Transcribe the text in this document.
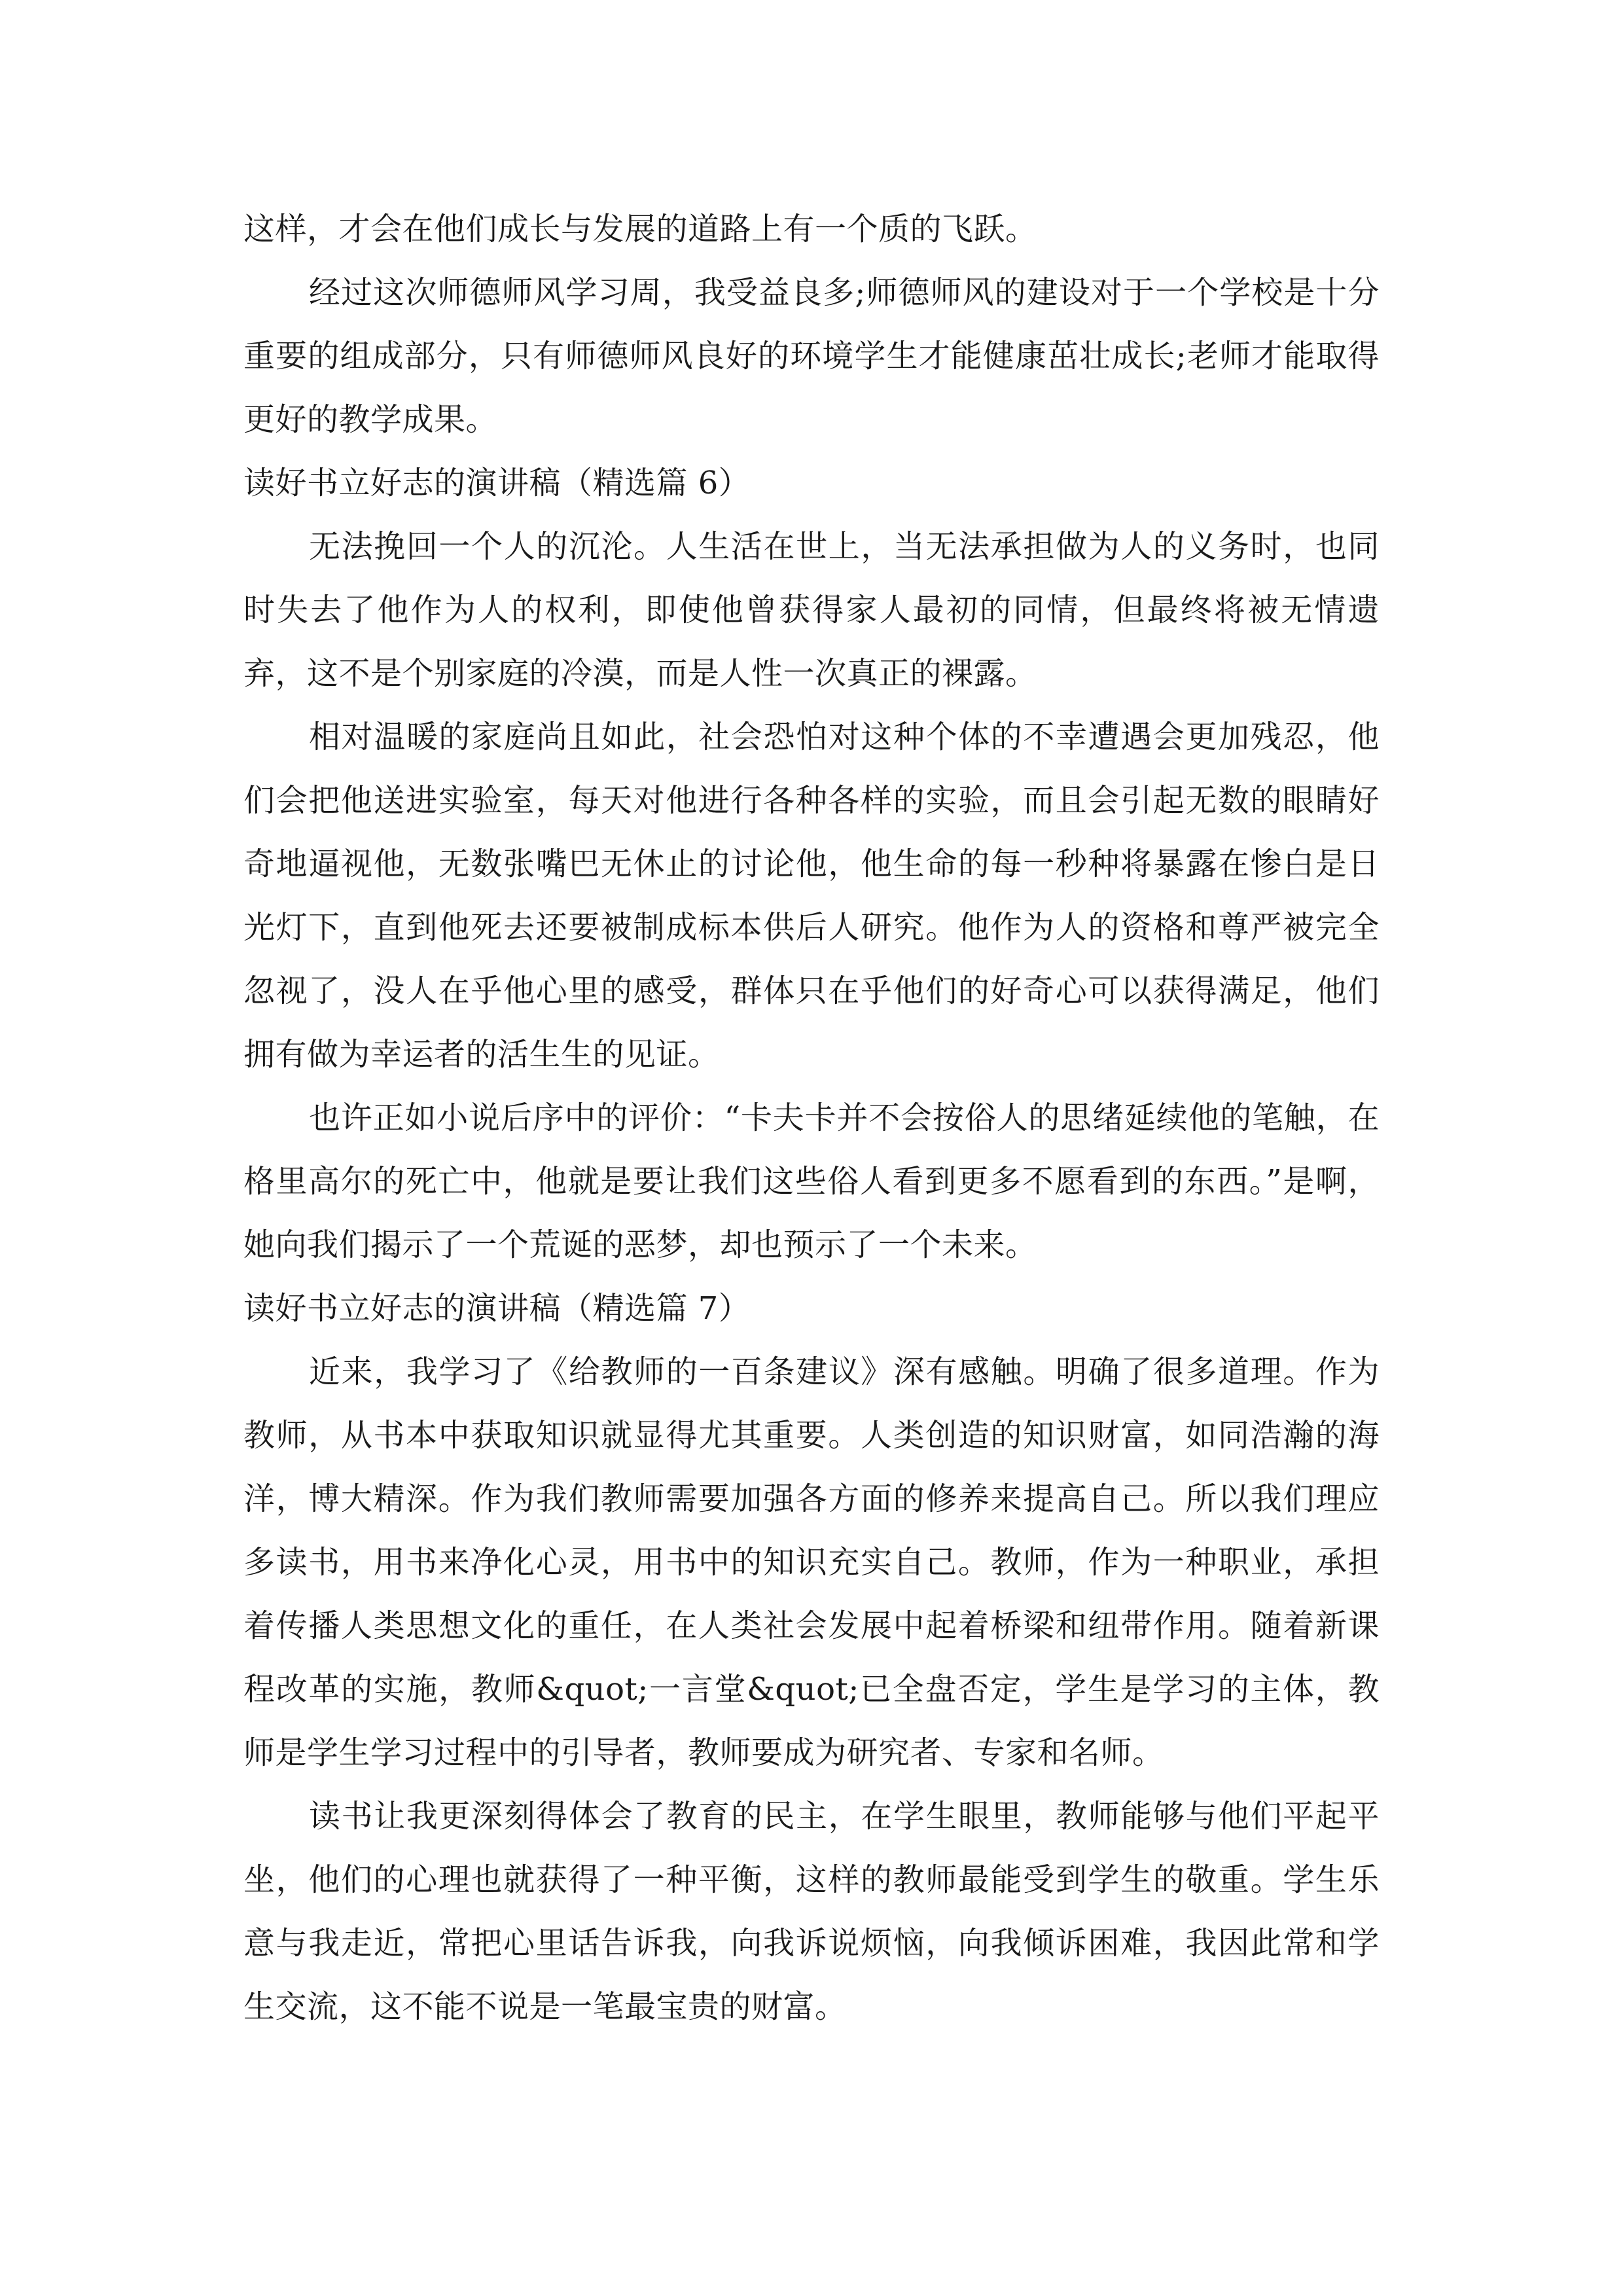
这样，才会在他们成长与发展的道路上有一个质的飞跃。

经过这次师德师风学习周，我受益良多;师德师风的建设对于一个学校是十分重要的组成部分，只有师德师风良好的环境学生才能健康茁壮成长;老师才能取得更好的教学成果。

读好书立好志的演讲稿（精选篇 6）

无法挽回一个人的沉沦。人生活在世上，当无法承担做为人的义务时，也同时失去了他作为人的权利，即使他曾获得家人最初的同情，但最终将被无情遗弃，这不是个别家庭的冷漠，而是人性一次真正的裸露。

相对温暖的家庭尚且如此，社会恐怕对这种个体的不幸遭遇会更加残忍，他们会把他送进实验室，每天对他进行各种各样的实验，而且会引起无数的眼睛好奇地逼视他，无数张嘴巴无休止的讨论他，他生命的每一秒种将暴露在惨白是日光灯下，直到他死去还要被制成标本供后人研究。他作为人的资格和尊严被完全忽视了，没人在乎他心里的感受，群体只在乎他们的好奇心可以获得满足，他们拥有做为幸运者的活生生的见证。

也许正如小说后序中的评价：“卡夫卡并不会按俗人的思绪延续他的笔触，在格里高尔的死亡中，他就是要让我们这些俗人看到更多不愿看到的东西。”是啊，她向我们揭示了一个荒诞的恶梦，却也预示了一个未来。

读好书立好志的演讲稿（精选篇 7）

近来，我学习了《给教师的一百条建议》深有感触。明确了很多道理。作为教师，从书本中获取知识就显得尤其重要。人类创造的知识财富，如同浩瀚的海洋，博大精深。作为我们教师需要加强各方面的修养来提高自己。所以我们理应多读书，用书来净化心灵，用书中的知识充实自己。教师，作为一种职业，承担着传播人类思想文化的重任，在人类社会发展中起着桥梁和纽带作用。随着新课程改革的实施，教师&quot;一言堂&quot;已全盘否定，学生是学习的主体，教师是学生学习过程中的引导者，教师要成为研究者、专家和名师。

读书让我更深刻得体会了教育的民主，在学生眼里，教师能够与他们平起平坐，他们的心理也就获得了一种平衡，这样的教师最能受到学生的敬重。学生乐意与我走近，常把心里话告诉我，向我诉说烦恼，向我倾诉困难，我因此常和学生交流，这不能不说是一笔最宝贵的财富。
